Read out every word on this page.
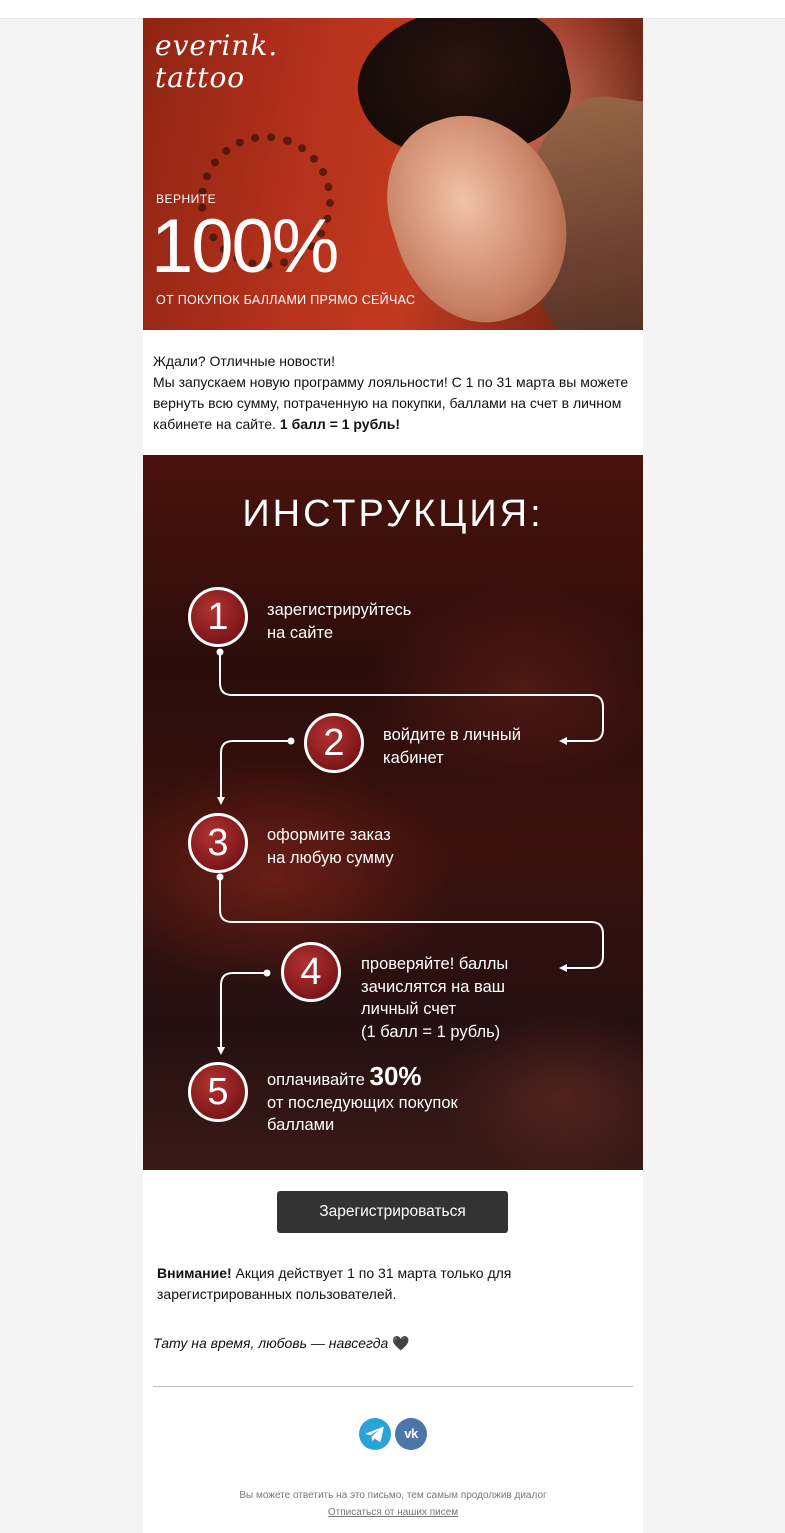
everink.
tattoo
ВЕРНИТЕ
100%
ОТ ПОКУПОК БАЛЛАМИ ПРЯМО СЕЙЧАС

Ждали? Отличные новости!

Мы запускаем новую программу лояльности! С 1 по 31 марта вы можете вернуть всю сумму, потраченную на покупки, баллами на счет в личном кабинете на сайте. 1 балл = 1 рубль!

ИНСТРУКЦИЯ:
1	зарегистрируйтесь
на сайте
2	войдите в личный
кабинет
3	оформите заказ
на любую сумму
4	проверяйте! баллы
зачислятся на ваш
личный счет
(1 балл = 1 рубль)
5	оплачивайте 30%
от последующих покупок
баллами
Зарегистрироваться
Внимание! Акция действует 1 по 31 марта только для зарегистрированных пользователей.
Тату на время, любовь — навсегда 🖤
vk
Вы можете ответить на это письмо, тем самым продолжив диалог
Отписаться от наших писем
